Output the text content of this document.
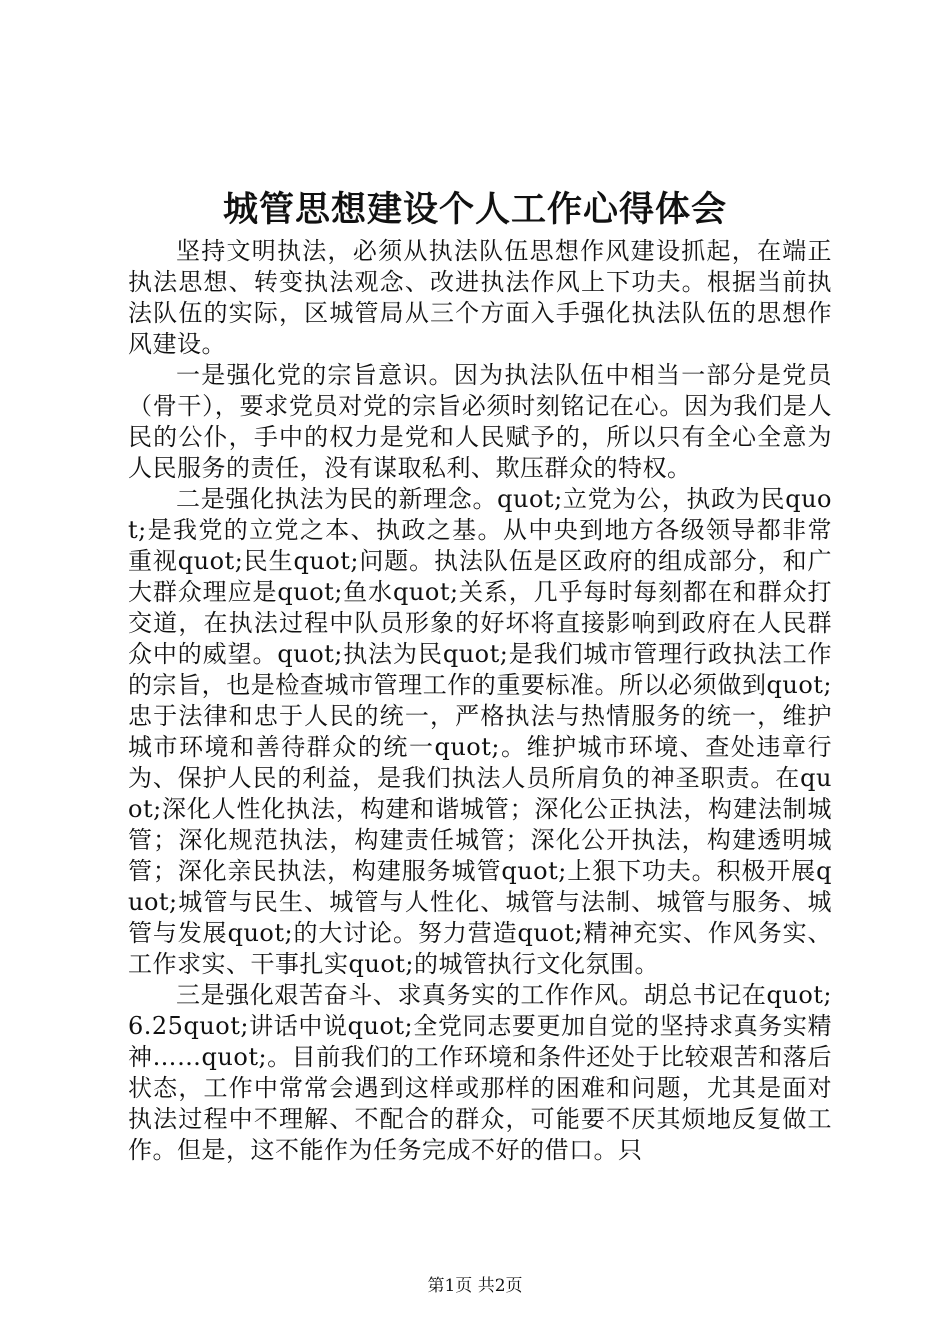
城管思想建设个人工作心得体会

坚持文明执法，必须从执法队伍思想作风建设抓起，在端正执法思想、转变执法观念、改进执法作风上下功夫。根据当前执法队伍的实际，区城管局从三个方面入手强化执法队伍的思想作风建设。

一是强化党的宗旨意识。因为执法队伍中相当一部分是党员（骨干），要求党员对党的宗旨必须时刻铭记在心。因为我们是人民的公仆，手中的权力是党和人民赋予的，所以只有全心全意为人民服务的责任，没有谋取私利、欺压群众的特权。

二是强化执法为民的新理念。quot;立党为公，执政为民quot;是我党的立党之本、执政之基。从中央到地方各级领导都非常重视quot;民生quot;问题。执法队伍是区政府的组成部分，和广大群众理应是quot;鱼水quot;关系，几乎每时每刻都在和群众打交道，在执法过程中队员形象的好坏将直接影响到政府在人民群众中的威望。quot;执法为民quot;是我们城市管理行政执法工作的宗旨，也是检查城市管理工作的重要标准。所以必须做到quot;忠于法律和忠于人民的统一，严格执法与热情服务的统一，维护城市环境和善待群众的统一quot;。维护城市环境、查处违章行为、保护人民的利益，是我们执法人员所肩负的神圣职责。在quot;深化人性化执法，构建和谐城管；深化公正执法，构建法制城管；深化规范执法，构建责任城管；深化公开执法，构建透明城管；深化亲民执法，构建服务城管quot;上狠下功夫。积极开展quot;城管与民生、城管与人性化、城管与法制、城管与服务、城管与发展quot;的大讨论。努力营造quot;精神充实、作风务实、工作求实、干事扎实quot;的城管执行文化氛围。

三是强化艰苦奋斗、求真务实的工作作风。胡总书记在quot;6.25quot;讲话中说quot;全党同志要更加自觉的坚持求真务实精神……quot;。目前我们的工作环境和条件还处于比较艰苦和落后状态，工作中常常会遇到这样或那样的困难和问题，尤其是面对执法过程中不理解、不配合的群众，可能要不厌其烦地反复做工作。但是，这不能作为任务完成不好的借口。只

第1页 共2页
